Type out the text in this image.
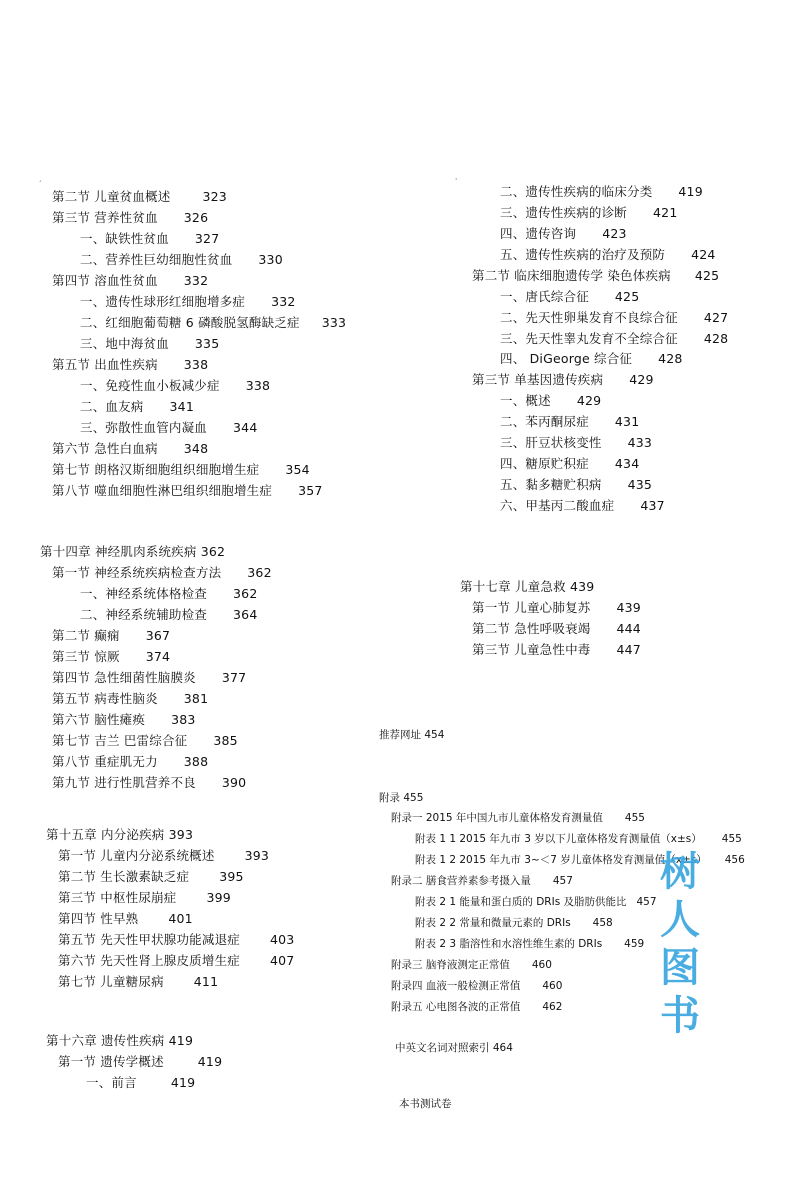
第二节 儿童贫血概述	323
第三节 营养性贫血 326
一、缺铁性贫血 327
二、营养性巨幼细胞性贫血 330
第四节 溶血性贫血 332
一、遗传性球形红细胞增多症 332
二、红细胞葡萄糖 6 磷酸脱氢酶缺乏症 333
三、地中海贫血 335
第五节 出血性疾病 338
一、免疫性血小板减少症 338
二、血友病 341
三、弥散性血管内凝血 344
第六节 急性白血病 348
第七节 朗格汉斯细胞组织细胞增生症 354
第八节 噬血细胞性淋巴组织细胞增生症 357
第十四章 神经肌肉系统疾病 362
第一节 神经系统疾病检查方法 362
一、神经系统体格检查 362
二、神经系统辅助检查 364
第二节 癫痫 367
第三节 惊厥 374
第四节 急性细菌性脑膜炎 377
第五节 病毒性脑炎 381
第六节 脑性瘫痪 383
第七节 吉兰 巴雷综合征 385
第八节 重症肌无力 388
第九节 进行性肌营养不良 390
第十五章 内分泌疾病 393
第一节 儿童内分泌系统概述 393
第二节 生长激素缺乏症 395
第三节 中枢性尿崩症 399
第四节 性早熟 401
第五节 先天性甲状腺功能减退症 403
第六节 先天性肾上腺皮质增生症 407
第七节 儿童糖尿病 411
第十六章 遗传性疾病 419
第一节 遗传学概述	419
一、前言	419
二、遗传性疾病的临床分类 419
三、遗传性疾病的诊断 421
四、遗传咨询 423
五、遗传性疾病的治疗及预防 424
第二节 临床细胞遗传学 染色体疾病 425
一、唐氏综合征 425
二、先天性卵巢发育不良综合征 427
三、先天性睾丸发育不全综合征 428
四、 DiGeorge 综合征 428
第三节 单基因遗传疾病 429
一、概述 429
二、苯丙酮尿症 431
三、肝豆状核变性 433
四、糖原贮积症 434
五、黏多糖贮积病 435
六、甲基丙二酸血症 437
第十七章 儿童急救 439
第一节 儿童心肺复苏 439
第二节 急性呼吸衰竭 444
第三节 儿童急性中毒 447
推荐网址 454
附录 455
附录一 2015 年中国九市儿童体格发育测量值 455
附表 1 1 2015 年九市 3 岁以下儿童体格发育测量值（x±s） 455
附表 1 2 2015 年九市 3~＜7 岁儿童体格发育测量值（x±s） 456
附录二 膳食营养素参考摄入量 457
附表 2 1 能量和蛋白质的 DRIs 及脂肪供能比 457
附表 2 2 常量和微量元素的 DRIs 458
附表 2 3 脂溶性和水溶性维生素的 DRIs 459
附录三 脑脊液测定正常值 460
附录四 血液一般检测正常值 460
附录五 心电图各波的正常值 462
中英文名词对照索引 464
本书测试卷
ˊ
ˌ
树
人
图
书
